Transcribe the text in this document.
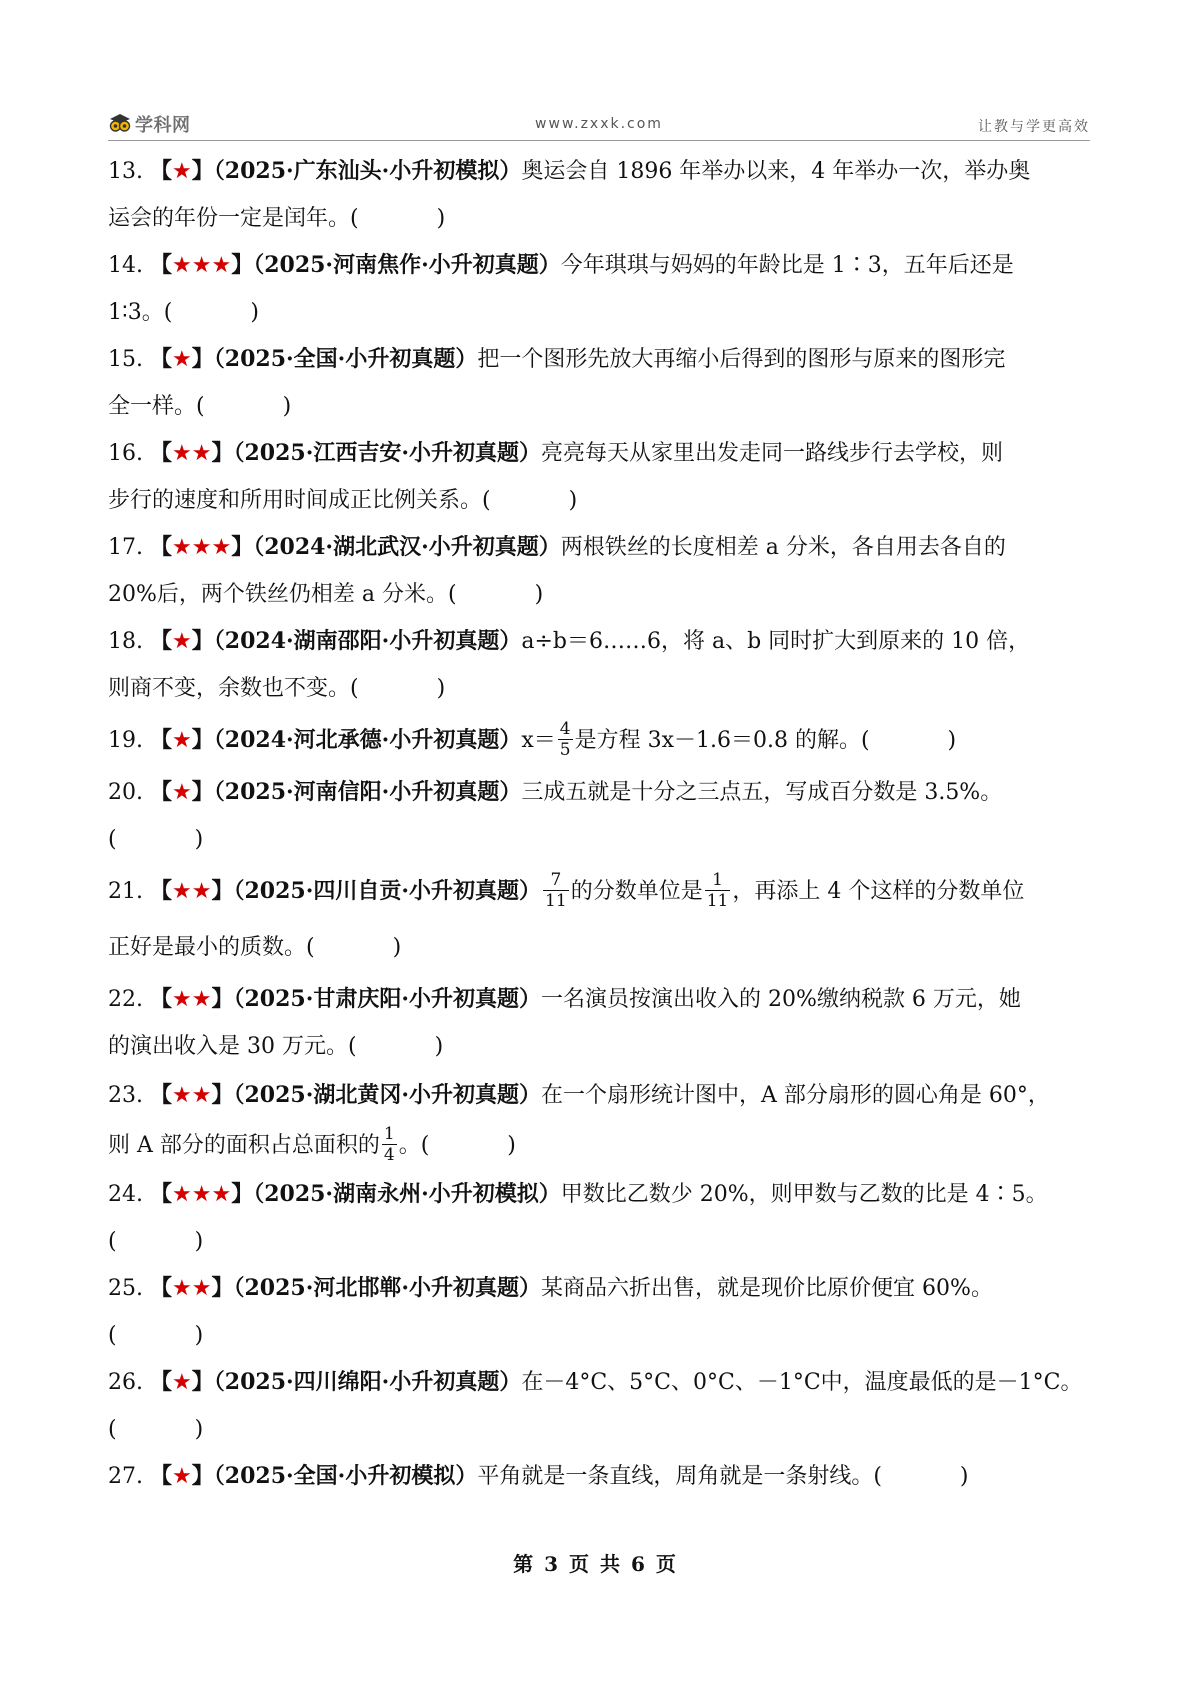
学科网	www.zxxk.com	让教与学更高效

13. 【★】（2025·广东汕头·小升初模拟）奥运会自 1896 年举办以来，4 年举办一次，举办奥
运会的年份一定是闰年。(	)

14. 【★★★】（2025·河南焦作·小升初真题）今年琪琪与妈妈的年龄比是 1∶3，五年后还是
1∶3。(	)

15. 【★】（2025·全国·小升初真题）把一个图形先放大再缩小后得到的图形与原来的图形完
全一样。(	)

16. 【★★】（2025·江西吉安·小升初真题）亮亮每天从家里出发走同一路线步行去学校，则
步行的速度和所用时间成正比例关系。(	)

17. 【★★★】（2024·湖北武汉·小升初真题）两根铁丝的长度相差 a 分米，各自用去各自的
20%后，两个铁丝仍相差 a 分米。(	)

18. 【★】（2024·湖南邵阳·小升初真题）a÷b＝6……6，将 a、b 同时扩大到原来的 10 倍，
则商不变，余数也不变。(	)

19. 【★】（2024·河北承德·小升初真题）$x= \frac{4}{5}$ 是方程 3x－1.6＝0.8 的解。(	)

20. 【★】（2025·河南信阳·小升初真题）三成五就是十分之三点五，写成百分数是 3.5%。
(	)

21. 【★★】（2025·四川自贡·小升初真题） $\frac{7}{11}$ 的分数单位是 $\frac{1}{11}$ ，再添上 4 个这样的分数单位
正好是最小的质数。(	)

22. 【★★】（2025·甘肃庆阳·小升初真题）一名演员按演出收入的 20%缴纳税款 6 万元，她
的演出收入是 30 万元。(	)

23. 【★★】（2025·湖北黄冈·小升初真题）在一个扇形统计图中，A 部分扇形的圆心角是 60°，
则 A 部分的面积占总面积的 $\frac{1}{4}$ 。(	)

24. 【★★★】（2025·湖南永州·小升初模拟）甲数比乙数少 20%，则甲数与乙数的比是 4∶5。
(	)

25. 【★★】（2025·河北邯郸·小升初真题）某商品六折出售，就是现价比原价便宜 60%。
(	)

26. 【★】（2025·四川绵阳·小升初真题）在－4°C、5°C、0°C、－1°C中，温度最低的是－1°C。
(	)

27. 【★】（2025·全国·小升初模拟）平角就是一条直线，周角就是一条射线。(	)

第 3 页 共 6 页
